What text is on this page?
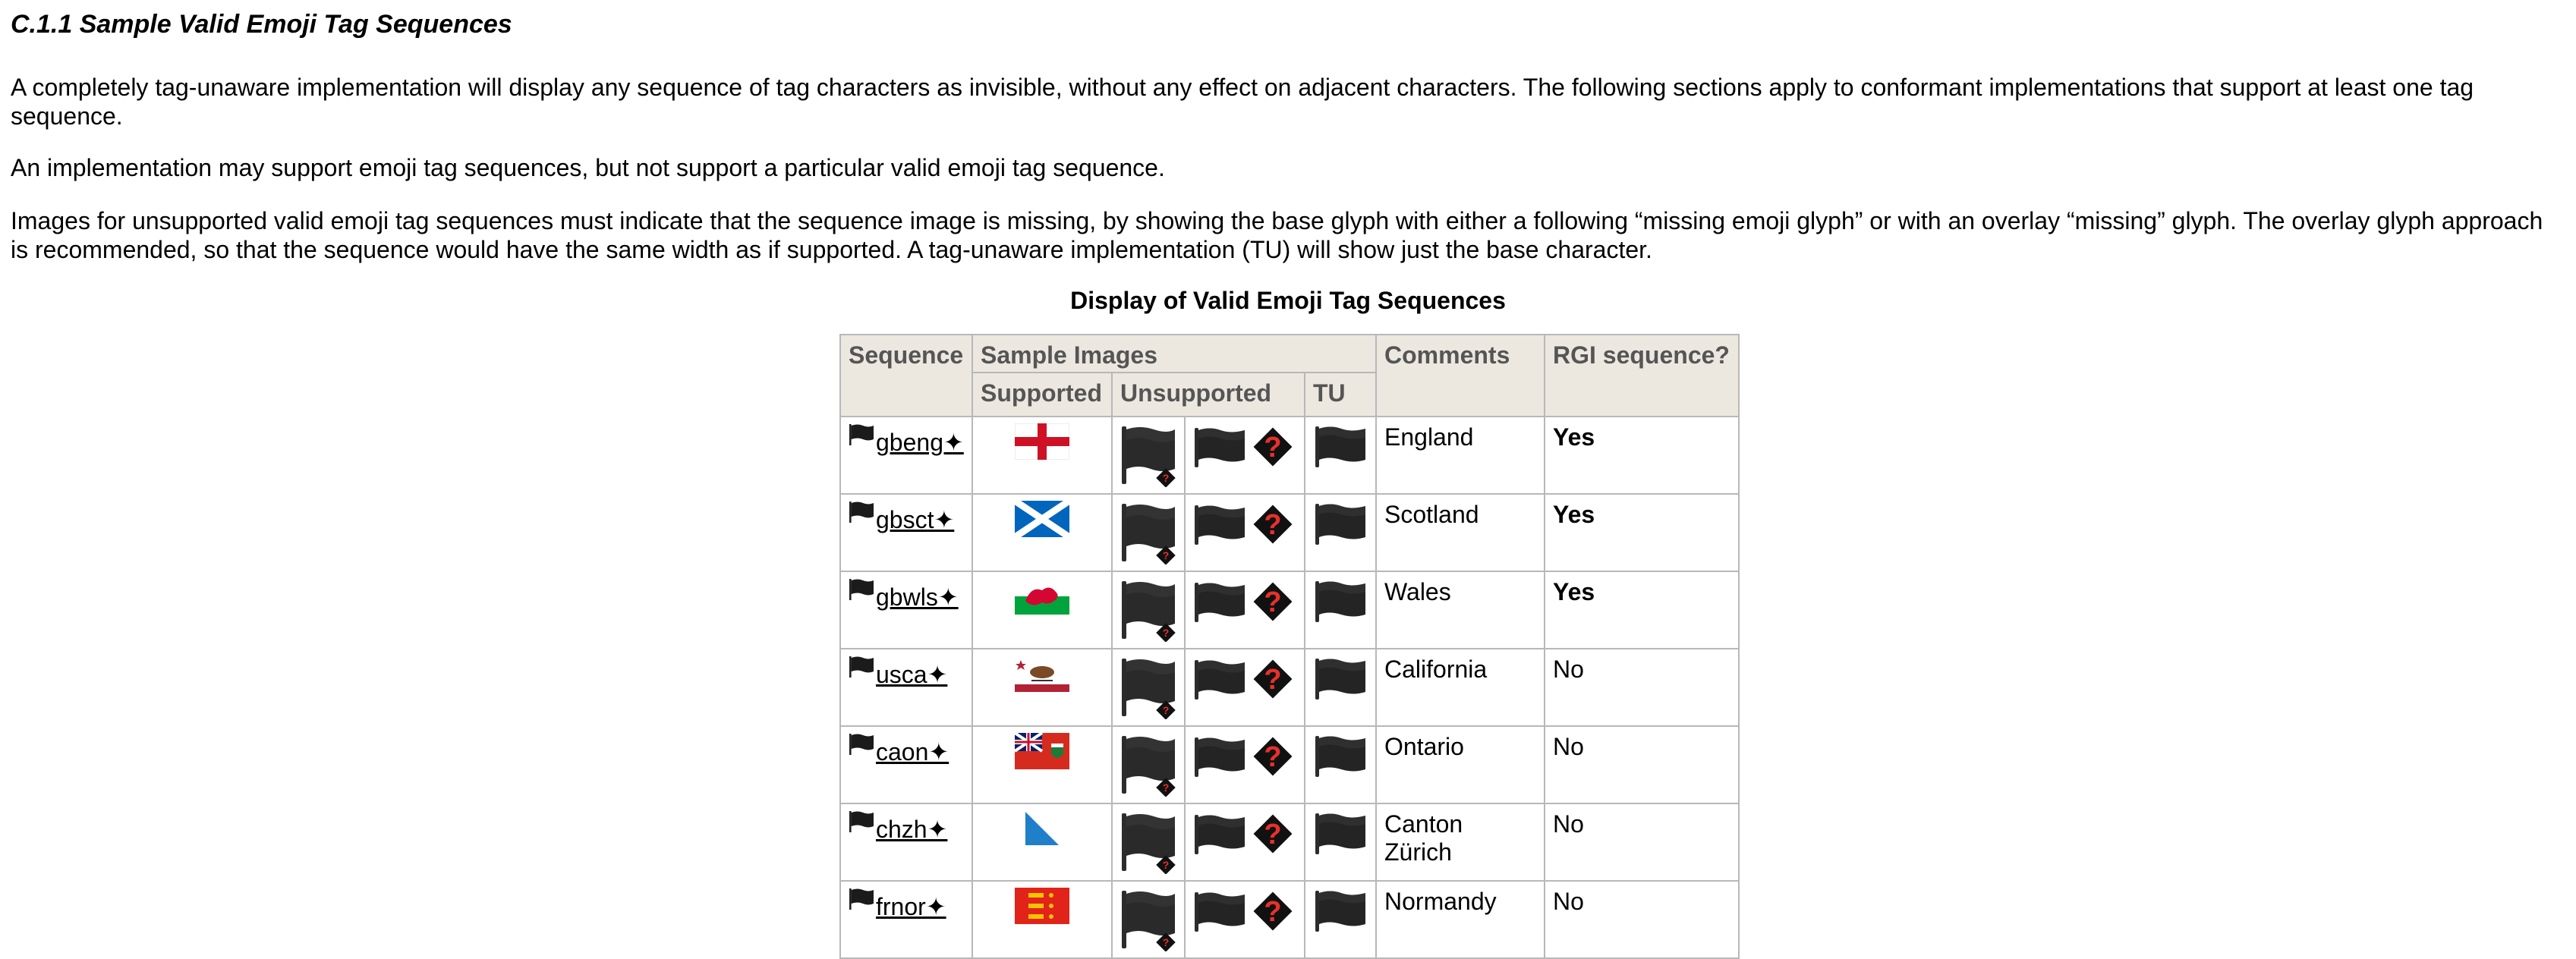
C.1.1 Sample Valid Emoji Tag Sequences

A completely tag-unaware implementation will display any sequence of tag characters as invisible, without any effect on adjacent characters. The following sections apply to conformant implementations that support at least one tag sequence.

An implementation may support emoji tag sequences, but not support a particular valid emoji tag sequence.

Images for unsupported valid emoji tag sequences must indicate that the sequence image is missing, by showing the base glyph with either a following “missing emoji glyph” or with an overlay “missing” glyph. The overlay glyph approach is recommended, so that the sequence would have the same width as if supported. A tag-unaware implementation (TU) will show just the base character.

Display of Valid Emoji Tag Sequences
Sequence	Sample Images				Comments	RGI sequence?
	Supported	Unsupported		TU		
gbeng✦		?	?		England	Yes
gbsct✦		?	?		Scotland	Yes
gbwls✦		?	?		Wales	Yes
usca✦		?	?		California	No
caon✦		?	?		Ontario	No
chzh✦		?	?		Canton Zürich	No
frnor✦		?	?		Normandy	No
